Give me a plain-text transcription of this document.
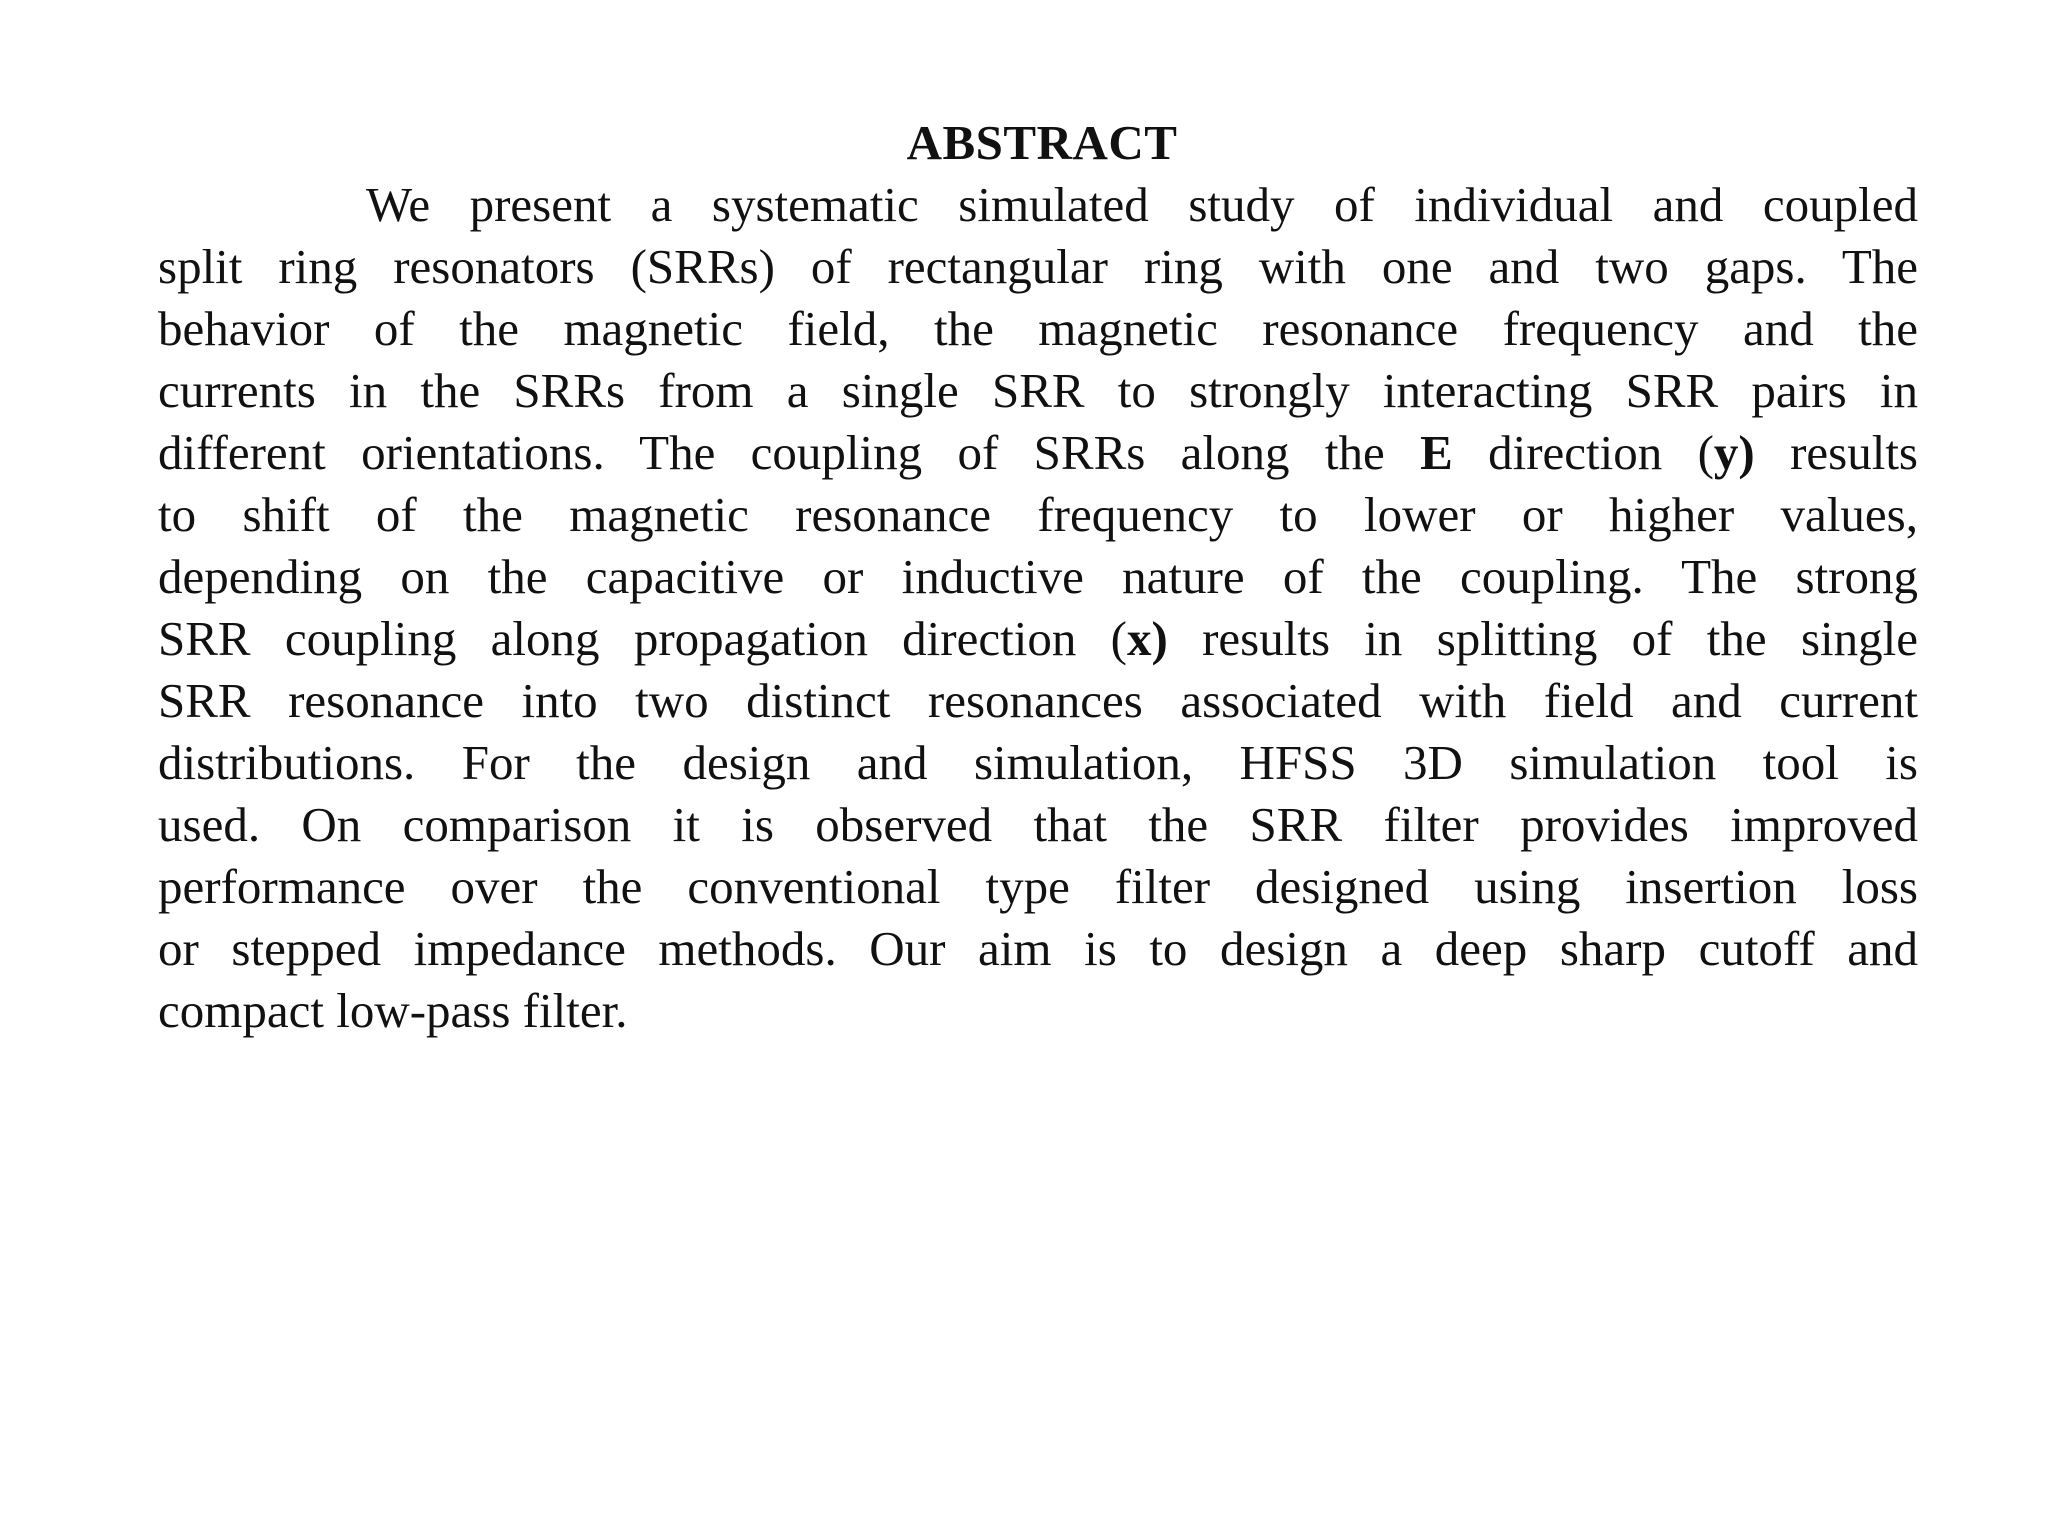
ABSTRACT
We present a systematic simulated study of individual and coupled
split ring resonators (SRRs) of rectangular ring with one and two gaps. The
behavior of the magnetic field, the magnetic resonance frequency and the
currents in the SRRs from a single SRR to strongly interacting SRR pairs in
different orientations. The coupling of SRRs along the E direction (y) results
to shift of the magnetic resonance frequency to lower or higher values,
depending on the capacitive or inductive nature of the coupling. The strong
SRR coupling along propagation direction (x) results in splitting of the single
SRR resonance into two distinct resonances associated with field and current
distributions. For the design and simulation, HFSS 3D simulation tool is
used. On comparison it is observed that the SRR filter provides improved
performance over the conventional type filter designed using insertion loss
or stepped impedance methods. Our aim is to design a deep sharp cutoff and
compact low-pass filter.
